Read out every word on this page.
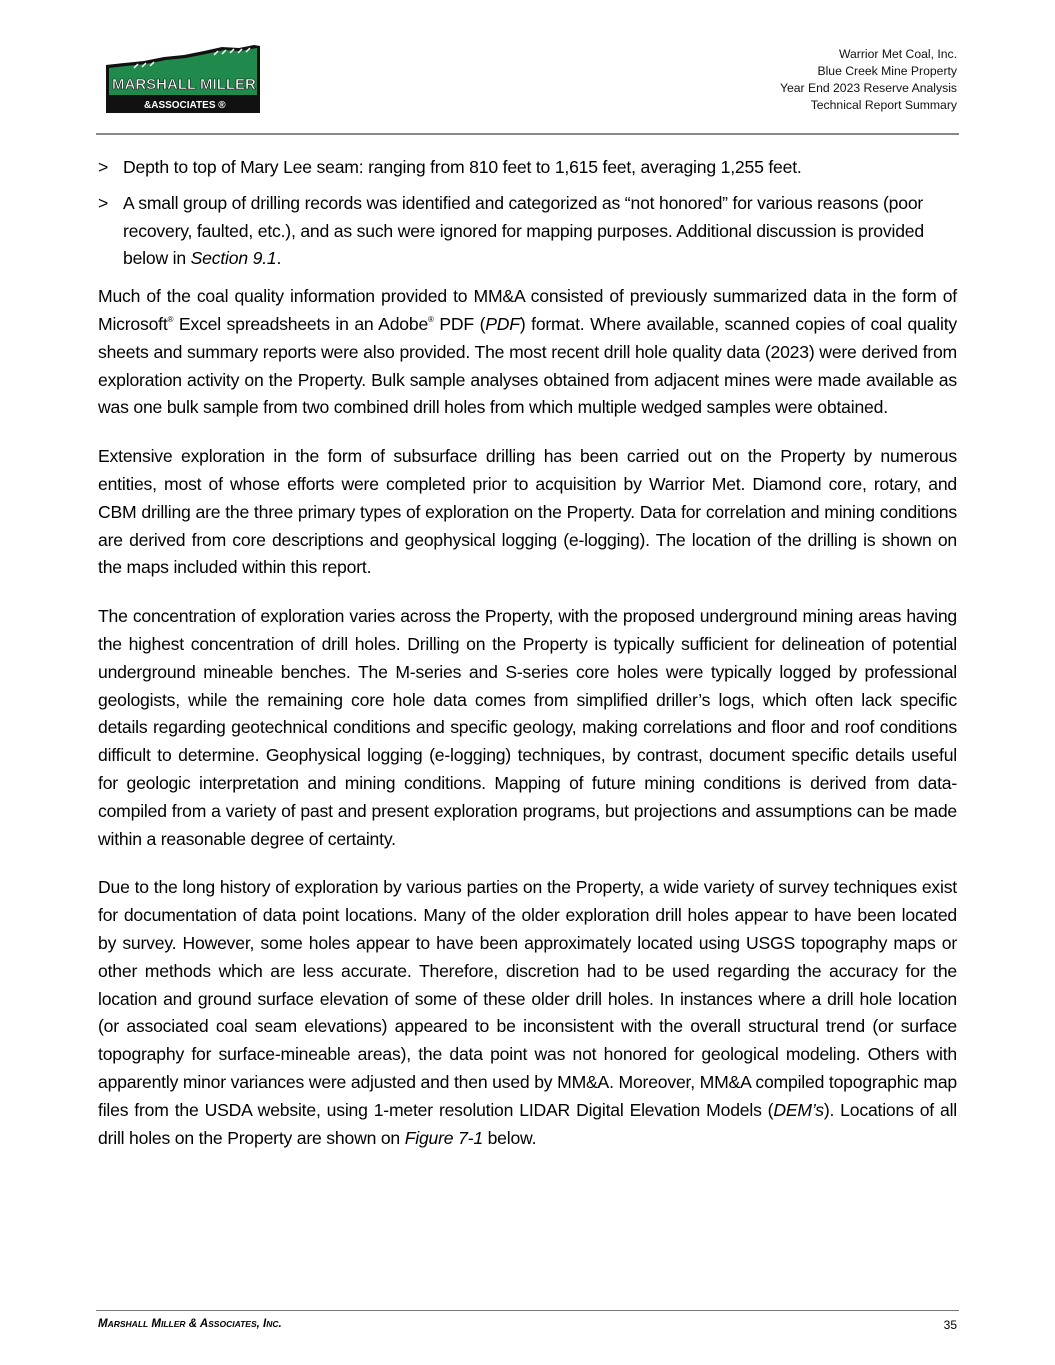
MARSHALL MILLER
&ASSOCIATES ®
Warrior Met Coal, Inc.
Blue Creek Mine Property
Year End 2023 Reserve Analysis
Technical Report Summary
> Depth to top of Mary Lee seam: ranging from 810 feet to 1,615 feet, averaging 1,255 feet.
> A small group of drilling records was identified and categorized as “not honored” for various reasons (poor recovery, faulted, etc.), and as such were ignored for mapping purposes. Additional discussion is provided below in Section 9.1.

Much of the coal quality information provided to MM&A consisted of previously summarized data in the form of Microsoft® Excel spreadsheets in an Adobe® PDF (PDF) format. Where available, scanned copies of coal quality sheets and summary reports were also provided. The most recent drill hole quality data (2023) were derived from exploration activity on the Property. Bulk sample analyses obtained from adjacent mines were made available as was one bulk sample from two combined drill holes from which multiple wedged samples were obtained.

Extensive exploration in the form of subsurface drilling has been carried out on the Property by numerous entities, most of whose efforts were completed prior to acquisition by Warrior Met. Diamond core, rotary, and CBM drilling are the three primary types of exploration on the Property. Data for correlation and mining conditions are derived from core descriptions and geophysical logging (e-logging). The location of the drilling is shown on the maps included within this report.

The concentration of exploration varies across the Property, with the proposed underground mining areas having the highest concentration of drill holes. Drilling on the Property is typically sufficient for delineation of potential underground mineable benches. The M-series and S-series core holes were typically logged by professional geologists, while the remaining core hole data comes from simplified driller’s logs, which often lack specific details regarding geotechnical conditions and specific geology, making correlations and floor and roof conditions difficult to determine. Geophysical logging (e-logging) techniques, by contrast, document specific details useful for geologic interpretation and mining conditions. Mapping of future mining conditions is derived from data-compiled from a variety of past and present exploration programs, but projections and assumptions can be made within a reasonable degree of certainty.

Due to the long history of exploration by various parties on the Property, a wide variety of survey techniques exist for documentation of data point locations. Many of the older exploration drill holes appear to have been located by survey. However, some holes appear to have been approximately located using USGS topography maps or other methods which are less accurate. Therefore, discretion had to be used regarding the accuracy for the location and ground surface elevation of some of these older drill holes. In instances where a drill hole location (or associated coal seam elevations) appeared to be inconsistent with the overall structural trend (or surface topography for surface-mineable areas), the data point was not honored for geological modeling. Others with apparently minor variances were adjusted and then used by MM&A. Moreover, MM&A compiled topographic map files from the USDA website, using 1-meter resolution LIDAR Digital Elevation Models (DEM’s). Locations of all drill holes on the Property are shown on Figure 7-1 below.

MARSHALL MILLER & ASSOCIATES, INC.	35
